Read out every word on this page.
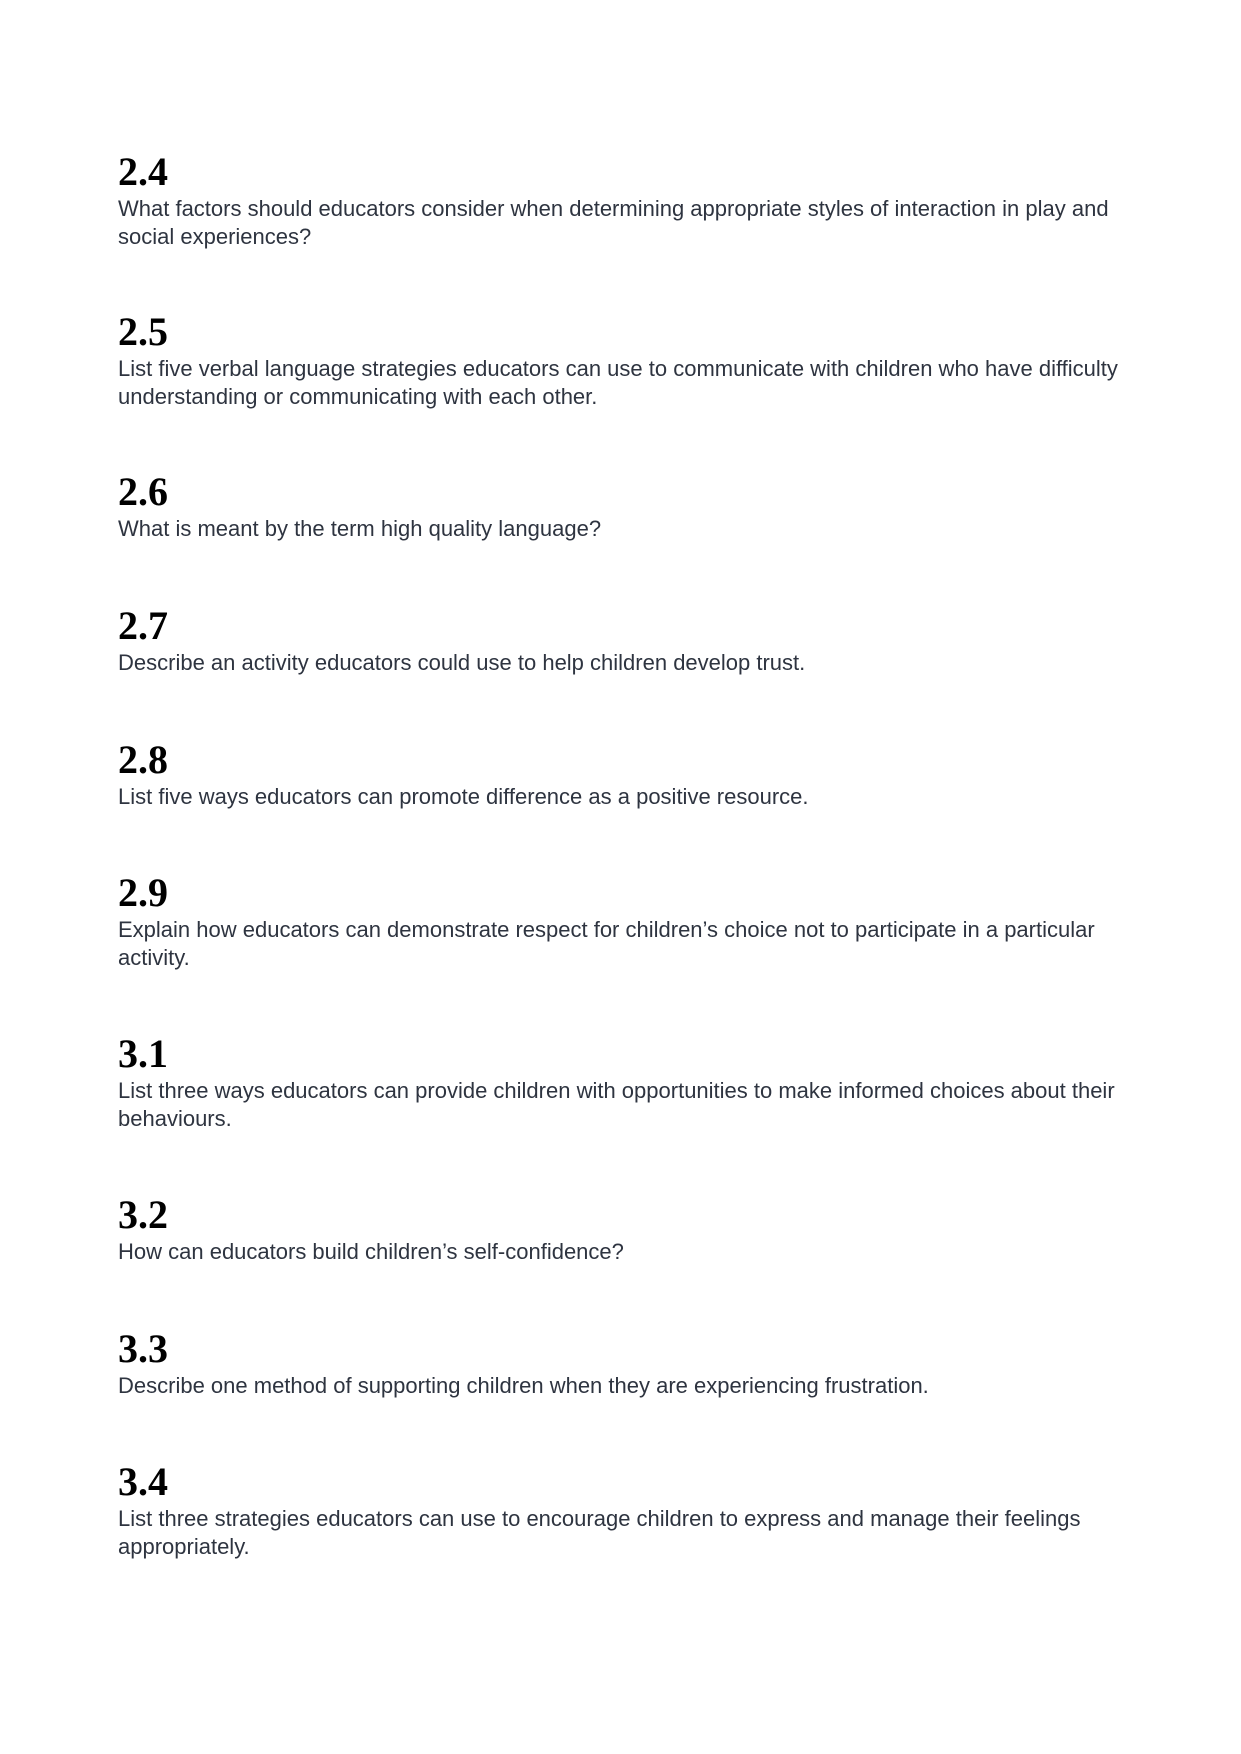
2.4
What factors should educators consider when determining appropriate styles of interaction in play and social experiences?
2.5
List five verbal language strategies educators can use to communicate with children who have difficulty understanding or communicating with each other.
2.6
What is meant by the term high quality language?
2.7
Describe an activity educators could use to help children develop trust.
2.8
List five ways educators can promote difference as a positive resource.
2.9
Explain how educators can demonstrate respect for children’s choice not to participate in a particular activity.
3.1
List three ways educators can provide children with opportunities to make informed choices about their behaviours.
3.2
How can educators build children’s self-confidence?
3.3
Describe one method of supporting children when they are experiencing frustration.
3.4
List three strategies educators can use to encourage children to express and manage their feelings appropriately.
